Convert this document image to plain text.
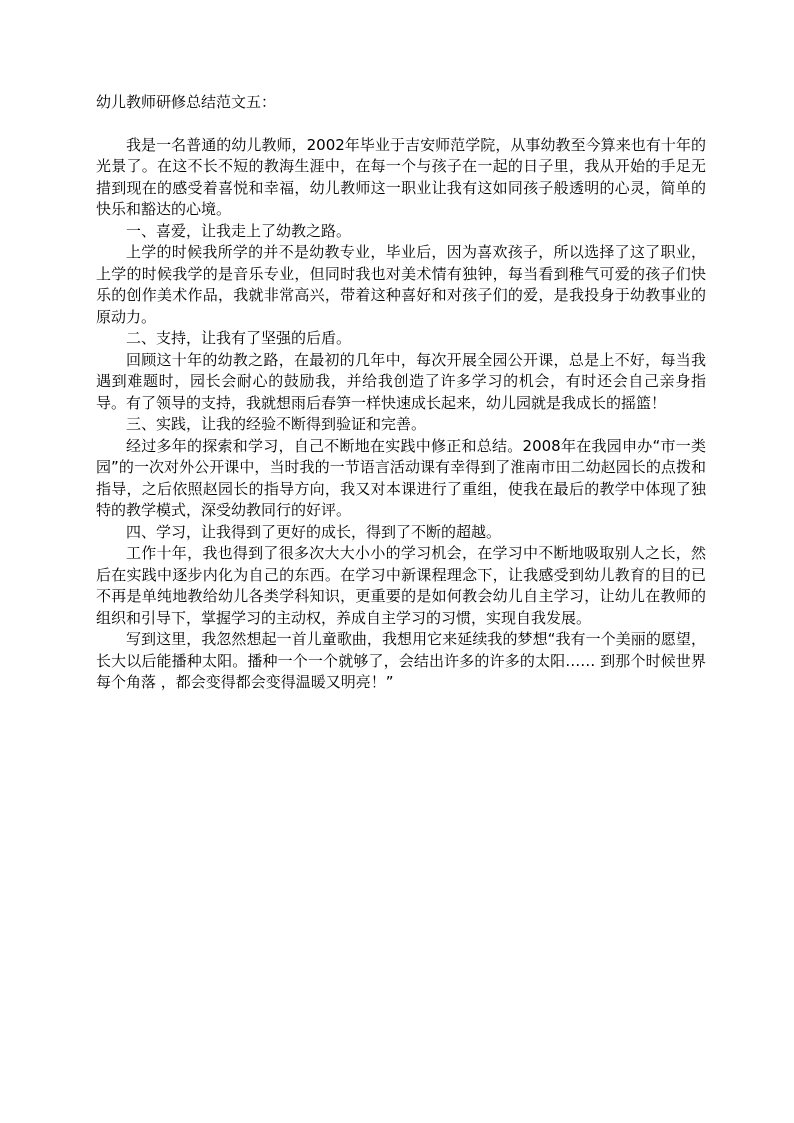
幼儿教师研修总结范文五：

我是一名普通的幼儿教师，2002年毕业于吉安师范学院，从事幼教至今算来也有十年的光景了。在这不长不短的教海生涯中，在每一个与孩子在一起的日子里，我从开始的手足无措到现在的感受着喜悦和幸福，幼儿教师这一职业让我有这如同孩子般透明的心灵，简单的快乐和豁达的心境。

一、喜爱，让我走上了幼教之路。

上学的时候我所学的并不是幼教专业，毕业后，因为喜欢孩子，所以选择了这了职业，上学的时候我学的是音乐专业，但同时我也对美术情有独钟，每当看到稚气可爱的孩子们快乐的创作美术作品，我就非常高兴，带着这种喜好和对孩子们的爱，是我投身于幼教事业的原动力。

二、支持，让我有了坚强的后盾。

回顾这十年的幼教之路，在最初的几年中，每次开展全园公开课，总是上不好，每当我遇到难题时，园长会耐心的鼓励我，并给我创造了许多学习的机会，有时还会自己亲身指导。有了领导的支持，我就想雨后春笋一样快速成长起来，幼儿园就是我成长的摇篮！

三、实践，让我的经验不断得到验证和完善。

经过多年的探索和学习，自己不断地在实践中修正和总结。2008年在我园申办“市一类园”的一次对外公开课中，当时我的一节语言活动课有幸得到了淮南市田二幼赵园长的点拨和指导，之后依照赵园长的指导方向，我又对本课进行了重组，使我在最后的教学中体现了独特的教学模式，深受幼教同行的好评。

四、学习，让我得到了更好的成长，得到了不断的超越。

工作十年，我也得到了很多次大大小小的学习机会，在学习中不断地吸取别人之长，然后在实践中逐步内化为自己的东西。在学习中新课程理念下，让我感受到幼儿教育的目的已不再是单纯地教给幼儿各类学科知识，更重要的是如何教会幼儿自主学习，让幼儿在教师的组织和引导下，掌握学习的主动权，养成自主学习的习惯，实现自我发展。

写到这里，我忽然想起一首儿童歌曲，我想用它来延续我的梦想“我有一个美丽的愿望，长大以后能播种太阳。播种一个一个就够了，会结出许多的许多的太阳…… 到那个时候世界每个角落 ，都会变得都会变得温暖又明亮！”
